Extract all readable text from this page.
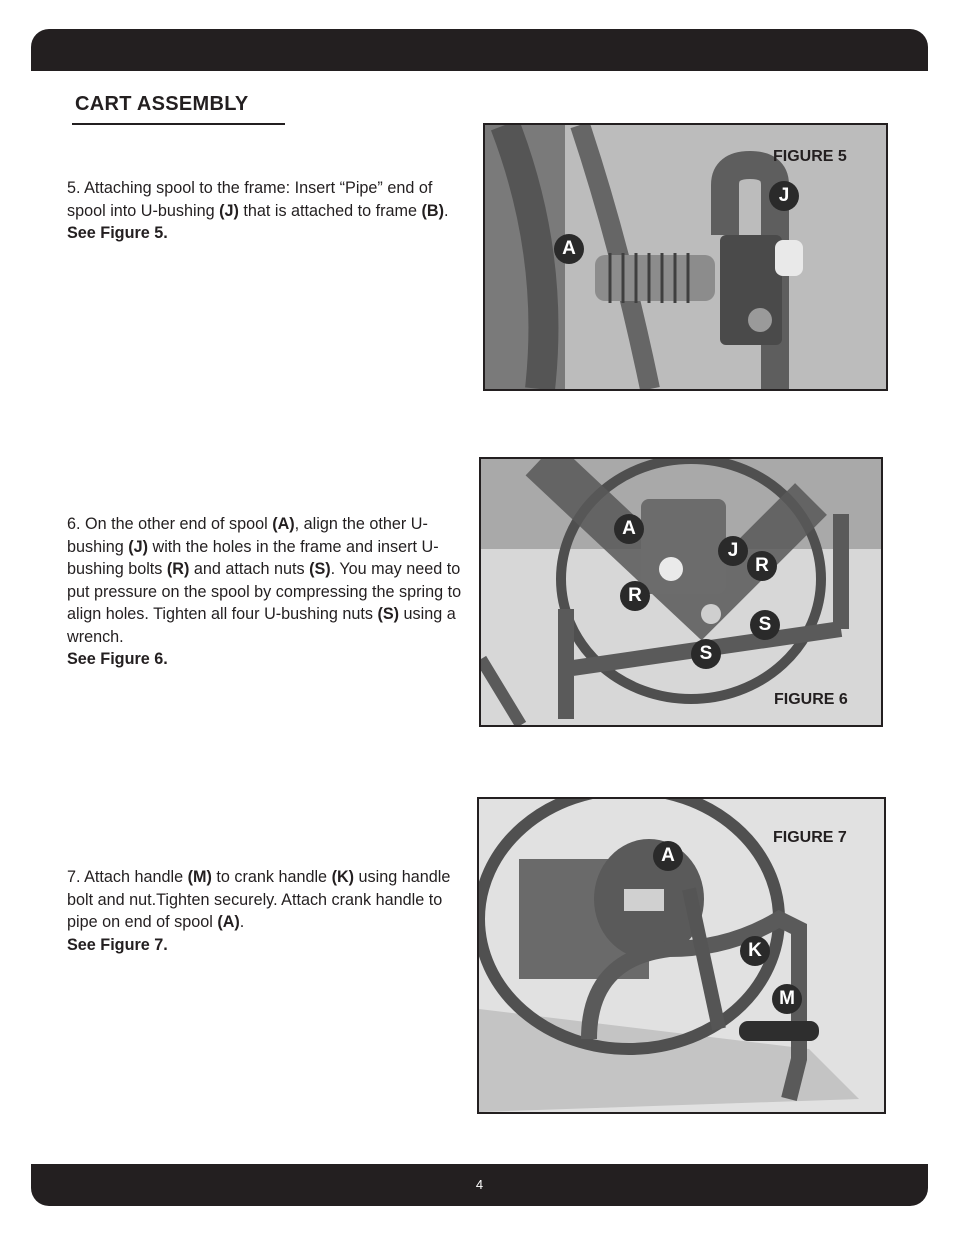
CART ASSEMBLY

5. Attaching spool to the frame: Insert “Pipe” end of spool into U-bushing (J) that is attached to frame (B). See Figure 5.

6. On the other end of spool (A), align the other U-bushing (J) with the holes in the frame and insert U-bushing bolts (R) and attach nuts (S). You may need to put pressure on the spool by compressing the spring to align holes. Tighten all four U-bushing nuts (S) using a wrench.
See Figure 6.

7. Attach handle (M) to crank handle (K) using handle bolt and nut.Tighten securely. Attach crank handle to pipe on end of spool (A).
See Figure 7.

FIGURE 5
J
A
FIGURE 6
A
J
R
R
S
S
FIGURE 7
A
K
M
4
